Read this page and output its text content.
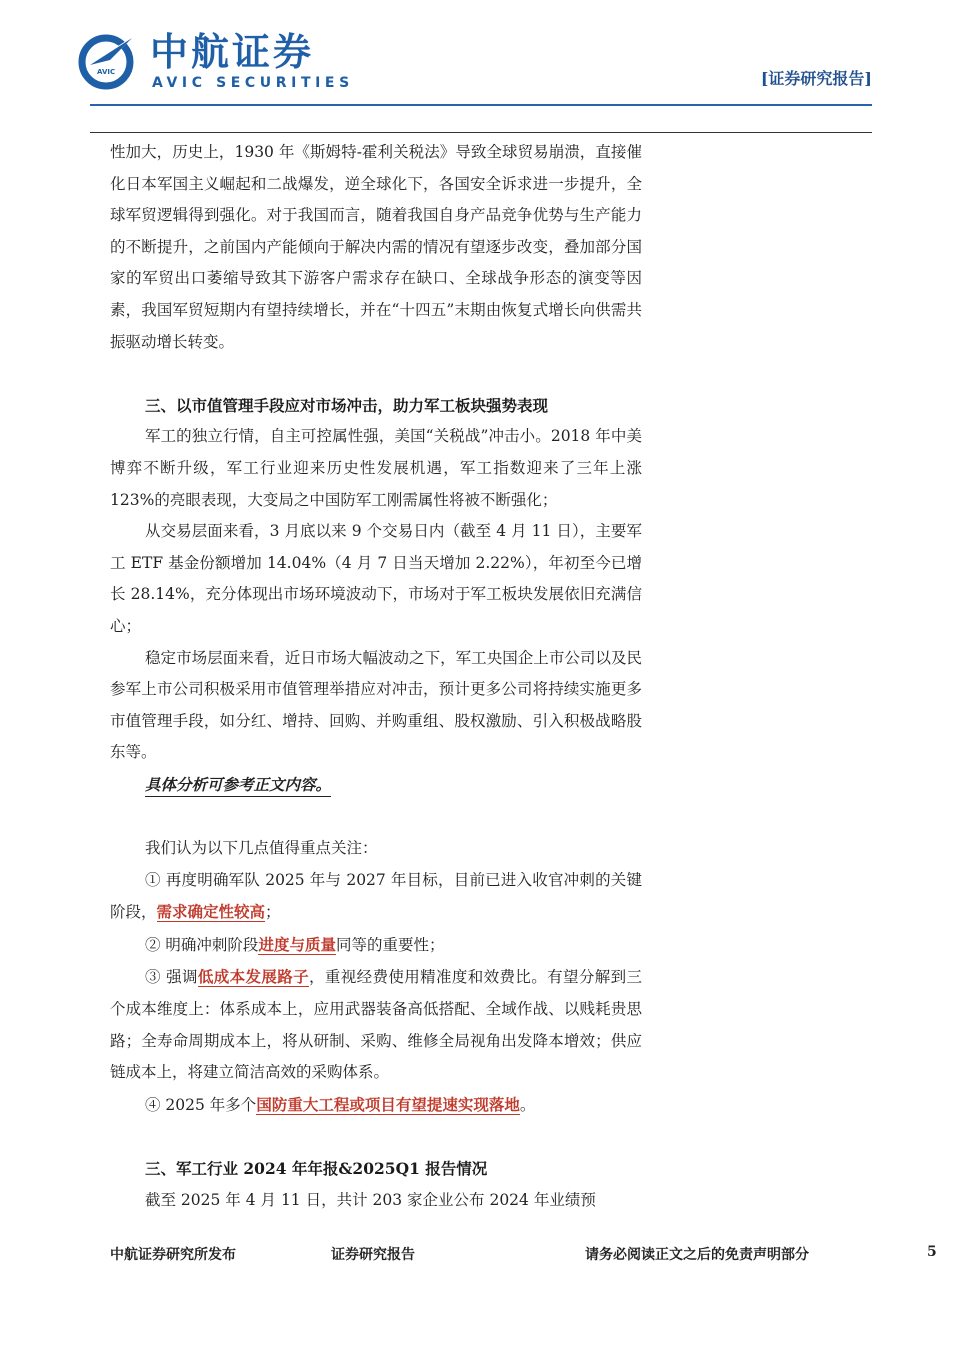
AVIC 中航证券
AVIC SECURITIES	[证券研究报告]

性加大，历史上，1930 年《斯姆特-霍利关税法》导致全球贸易崩溃，直接催化日本军国主义崛起和二战爆发，逆全球化下，各国安全诉求进一步提升，全球军贸逻辑得到强化。对于我国而言，随着我国自身产品竞争优势与生产能力的不断提升，之前国内产能倾向于解决内需的情况有望逐步改变，叠加部分国家的军贸出口萎缩导致其下游客户需求存在缺口、全球战争形态的演变等因素，我国军贸短期内有望持续增长，并在“十四五”末期由恢复式增长向供需共振驱动增长转变。

三、以市值管理手段应对市场冲击，助力军工板块强势表现

军工的独立行情，自主可控属性强，美国“关税战”冲击小。2018 年中美博弈不断升级，军工行业迎来历史性发展机遇，军工指数迎来了三年上涨 123%的亮眼表现，大变局之中国防军工刚需属性将被不断强化；

从交易层面来看，3 月底以来 9 个交易日内（截至 4 月 11 日），主要军工 ETF 基金份额增加 14.04%（4 月 7 日当天增加 2.22%），年初至今已增长 28.14%，充分体现出市场环境波动下，市场对于军工板块发展依旧充满信心；

稳定市场层面来看，近日市场大幅波动之下，军工央国企上市公司以及民参军上市公司积极采用市值管理举措应对冲击，预计更多公司将持续实施更多市值管理手段，如分红、增持、回购、并购重组、股权激励、引入积极战略股东等。

具体分析可参考正文内容。

我们认为以下几点值得重点关注：

① 再度明确军队 2025 年与 2027 年目标，目前已进入收官冲刺的关键阶段，需求确定性较高；

② 明确冲刺阶段进度与质量同等的重要性；

③ 强调低成本发展路子，重视经费使用精准度和效费比。有望分解到三个成本维度上：体系成本上，应用武器装备高低搭配、全域作战、以贱耗贵思路；全寿命周期成本上，将从研制、采购、维修全局视角出发降本增效；供应链成本上，将建立简洁高效的采购体系。

④ 2025 年多个国防重大工程或项目有望提速实现落地。

三、军工行业 2024 年年报&2025Q1 报告情况

截至 2025 年 4 月 11 日，共计 203 家企业公布 2024 年业绩预

中航证券研究所发布	证券研究报告	请务必阅读正文之后的免责声明部分	5
